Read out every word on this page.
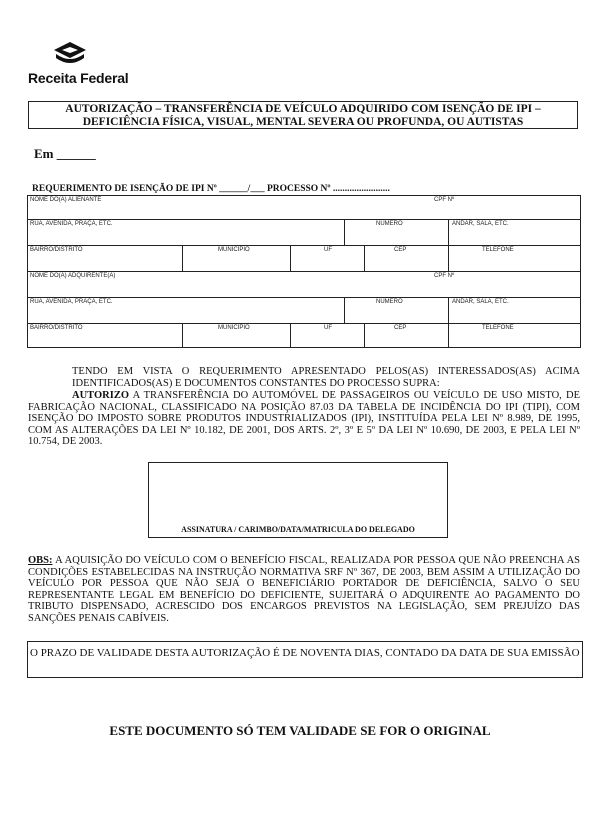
Receita Federal
AUTORIZAÇÃO – TRANSFERÊNCIA DE VEÍCULO ADQUIRIDO COM ISENÇÃO DE IPI –
DEFICIÊNCIA FÍSICA, VISUAL, MENTAL SEVERA OU PROFUNDA, OU AUTISTAS
Em ______
REQUERIMENTO DE ISENÇÃO DE IPI Nº ______/___ PROCESSO Nº ........................
NOME DO(A) ALIENANTE	CPF Nº
RUA, AVENIDA, PRAÇA, ETC.	NÚMERO	ANDAR, SALA, ETC.
BAIRRO/DISTRITO	MUNICÍPIO	UF	CEP	TELEFONE
NOME DO(A) ADQUIRENTE(A)	CPF Nº
RUA, AVENIDA, PRAÇA, ETC.	NÚMERO	ANDAR, SALA, ETC.
BAIRRO/DISTRITO	MUNICÍPIO	UF	CEP	TELEFONE
TENDO EM VISTA O REQUERIMENTO APRESENTADO PELOS(AS) INTERESSADOS(AS) ACIMA IDENTIFICADOS(AS) E DOCUMENTOS CONSTANTES DO PROCESSO SUPRA:
AUTORIZO A TRANSFERÊNCIA DO AUTOMÓVEL DE PASSAGEIROS OU VEÍCULO DE USO MISTO, DE FABRICAÇÃO NACIONAL, CLASSIFICADO NA POSIÇÃO 87.03 DA TABELA DE INCIDÊNCIA DO IPI (TIPI), COM ISENÇÃO DO IMPOSTO SOBRE PRODUTOS INDUSTRIALIZADOS (IPI), INSTITUÍDA PELA LEI Nº 8.989, DE 1995, COM AS ALTERAÇÕES DA LEI Nº 10.182, DE 2001, DOS ARTS. 2º, 3º E 5º DA LEI Nº 10.690, DE 2003, E PELA LEI Nº 10.754, DE 2003.
ASSINATURA / CARIMBO/DATA/MATRICULA DO DELEGADO
OBS: A AQUISIÇÃO DO VEÍCULO COM O BENEFÍCIO FISCAL, REALIZADA POR PESSOA QUE NÃO PREENCHA AS CONDIÇÕES ESTABELECIDAS NA INSTRUÇÃO NORMATIVA SRF Nº 367, DE 2003, BEM ASSIM A UTILIZAÇÃO DO VEÍCULO POR PESSOA QUE NÃO SEJA O BENEFICIÁRIO PORTADOR DE DEFICIÊNCIA, SALVO O SEU REPRESENTANTE LEGAL EM BENEFÍCIO DO DEFICIENTE, SUJEITARÁ O ADQUIRENTE AO PAGAMENTO DO TRIBUTO DISPENSADO, ACRESCIDO DOS ENCARGOS PREVISTOS NA LEGISLAÇÃO, SEM PREJUÍZO DAS SANÇÕES PENAIS CABÍVEIS.
O PRAZO DE VALIDADE DESTA AUTORIZAÇÃO É DE NOVENTA DIAS, CONTADO DA DATA DE SUA EMISSÃO
ESTE DOCUMENTO SÓ TEM VALIDADE SE FOR O ORIGINAL
